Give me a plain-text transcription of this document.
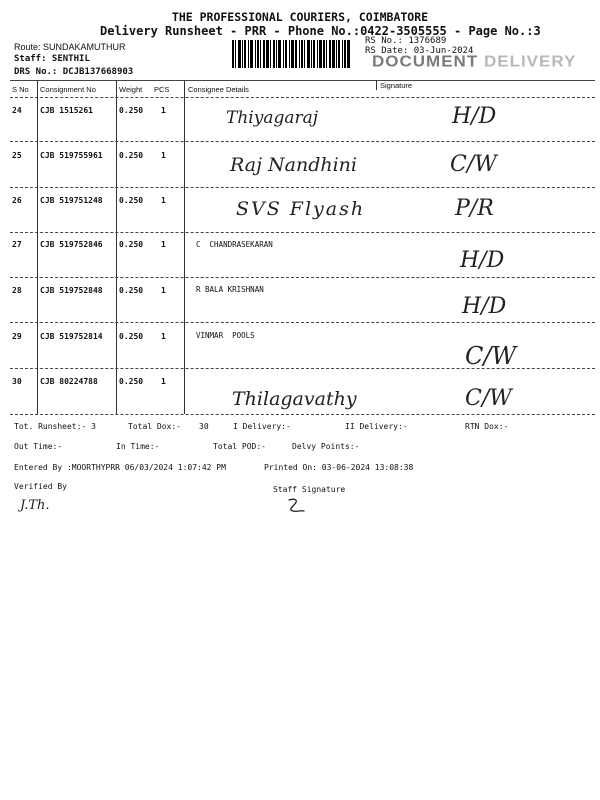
THE PROFESSIONAL COURIERS, COIMBATORE
Delivery Runsheet - PRR - Phone No.:0422-3505555 - Page No.:3
Route: SUNDAKAMUTHUR
Staff: SENTHIL
DRS No.: DCJB137668903
RS No.: 1376689
RS Date: 03-Jun-2024
DOCUMENT DELIVERY
S No Consignment No	Weight PCS Consignee Details	Signature
24 CJB 1515261	0.250 1	Thiyagaraj	H/D
25 CJB 519755961 0.250 1	Raj Nandhini	C/W
26 CJB 519751248 0.250 1	SVS Flyash	P/R
27 CJB 519752846 0.250 1	C  CHANDRASEKARAN
H/D
28 CJB 519752848 0.250 1	R BALA KRISHNAN
H/D
29 CJB 519752814 0.250 1	VINMAR  POOLS
C/W
30 CJB 80224788	0.250 1
Thilagavathy	C/W
Tot. Runsheet:- 3	Total Dox:- 30	I Delivery:-	II Delivery:-	RTN Dox:-
Out Time:-	In Time:-	Total POD:-	Delvy Points:-
Entered By :MOORTHYPRR 06/03/2024 1:07:42 PM	Printed On: 03-06-2024 13:08:38
Verified By	Staff Signature
J.Th.
